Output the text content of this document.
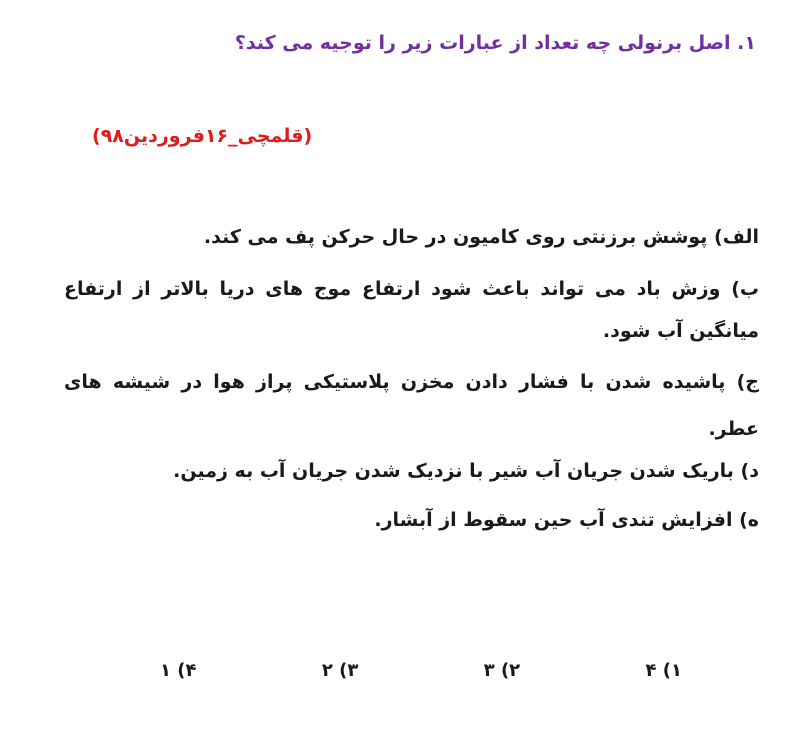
۱. اصل برنولی چه تعداد از عبارات زیر را توجیه می کند؟
(قلمچی_۱۶فروردین۹۸)
الف) پوشش برزنتی روی کامیون در حال حرکن پف می کند.
ب) وزش باد می تواند باعث شود ارتفاع موج های دریا بالاتر از ارتفاع
میانگین آب شود.
ج) پاشیده شدن با فشار دادن مخزن پلاستیکی پراز هوا در شیشه های
عطر.
د) باریک شدن جریان آب شیر با نزدیک شدن جریان آب به زمین.
ه) افزایش تندی آب حین سقوط از آبشار.
۱) ۴
۲) ۳
۳) ۲
۴) ۱
